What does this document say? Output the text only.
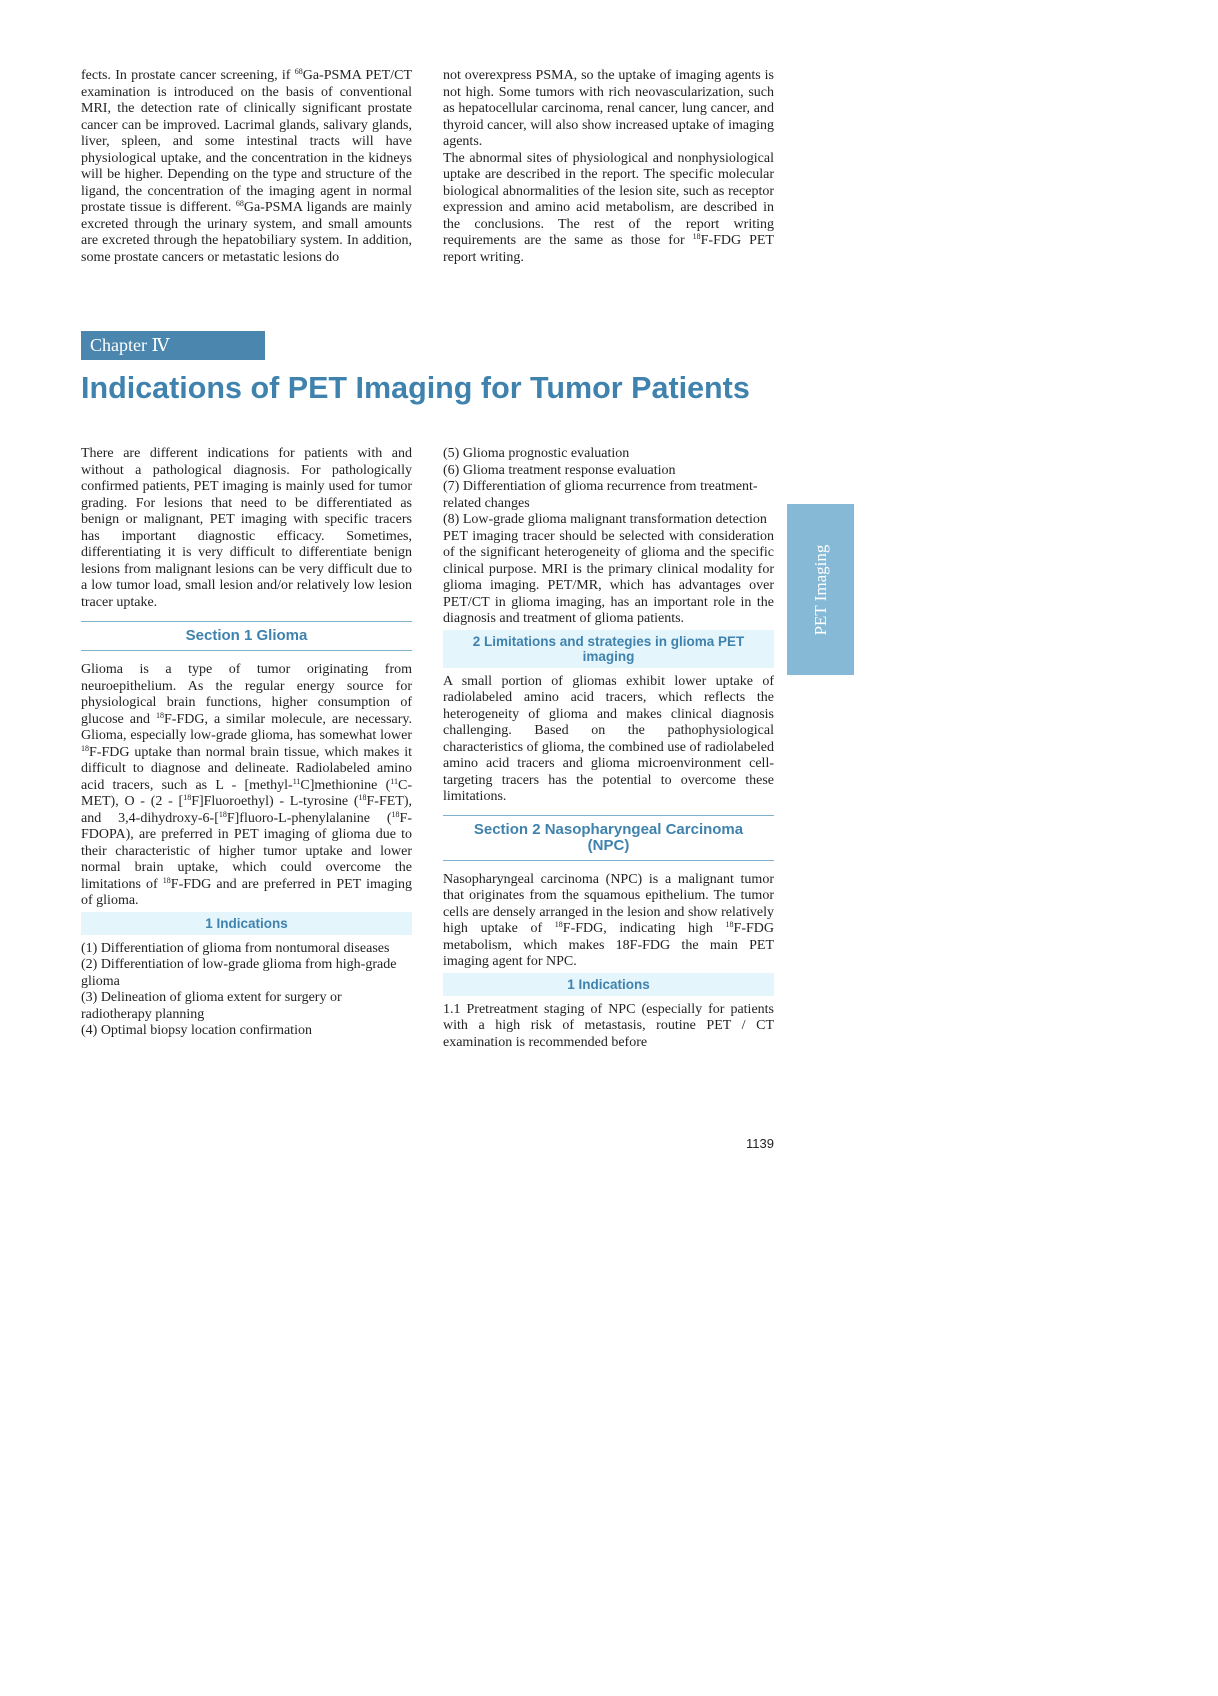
fects. In prostate cancer screening, if $^{68}$Ga-PSMA PET/CT examination is introduced on the basis of conventional MRI, the detection rate of clinically significant prostate cancer can be improved. Lacrimal glands, salivary glands, liver, spleen, and some intestinal tracts will have physiological uptake, and the concentration in the kidneys will be higher. Depending on the type and structure of the ligand, the concentration of the imaging agent in normal prostate tissue is different. $^{68}$Ga-PSMA ligands are mainly excreted through the urinary system, and small amounts are excreted through the hepatobiliary system. In addition, some prostate cancers or metastatic lesions do

not overexpress PSMA, so the uptake of imaging agents is not high. Some tumors with rich neovascularization, such as hepatocellular carcinoma, renal cancer, lung cancer, and thyroid cancer, will also show increased uptake of imaging agents.

The abnormal sites of physiological and nonphysiological uptake are described in the report. The specific molecular biological abnormalities of the lesion site, such as receptor expression and amino acid metabolism, are described in the conclusions. The rest of the report writing requirements are the same as those for $^{18}$F-FDG PET report writing.

Chapter Ⅳ
Indications of PET Imaging for Tumor Patients
PET Imaging

There are different indications for patients with and without a pathological diagnosis. For pathologically confirmed patients, PET imaging is mainly used for tumor grading. For lesions that need to be differentiated as benign or malignant, PET imaging with specific tracers has important diagnostic efficacy. Sometimes, differentiating it is very difficult to differentiate benign lesions from malignant lesions can be very difficult due to a low tumor load, small lesion and/or relatively low lesion tracer uptake.

Section 1 Glioma

Glioma is a type of tumor originating from neuroepithelium. As the regular energy source for physiological brain functions, higher consumption of glucose and $^{18}$F-FDG, a similar molecule, are necessary. Glioma, especially low-grade glioma, has somewhat lower $^{18}$F-FDG uptake than normal brain tissue, which makes it difficult to diagnose and delineate. Radiolabeled amino acid tracers, such as L - [methyl-$^{11}$C]methionine ($^{11}$C-MET), O - (2 - [$^{18}$F]Fluoroethyl) - L-tyrosine ($^{18}$F-FET), and 3,4-dihydroxy-6-[$^{18}$F]fluoro-L-phenylalanine ($^{18}$F-FDOPA), are preferred in PET imaging of glioma due to their characteristic of higher tumor uptake and lower normal brain uptake, which could overcome the limitations of $^{18}$F-FDG and are preferred in PET imaging of glioma.

1 Indications

(1) Differentiation of glioma from nontumoral diseases

(2) Differentiation of low-grade glioma from high-grade glioma

(3) Delineation of glioma extent for surgery or radiotherapy planning

(4) Optimal biopsy location confirmation

(5) Glioma prognostic evaluation

(6) Glioma treatment response evaluation

(7) Differentiation of glioma recurrence from treatment-related changes

(8) Low-grade glioma malignant transformation detection

PET imaging tracer should be selected with consideration of the significant heterogeneity of glioma and the specific clinical purpose. MRI is the primary clinical modality for glioma imaging. PET/MR, which has advantages over PET/CT in glioma imaging, has an important role in the diagnosis and treatment of glioma patients.

2 Limitations and strategies in glioma PET imaging

A small portion of gliomas exhibit lower uptake of radiolabeled amino acid tracers, which reflects the heterogeneity of glioma and makes clinical diagnosis challenging. Based on the pathophysiological characteristics of glioma, the combined use of radiolabeled amino acid tracers and glioma microenvironment cell-targeting tracers has the potential to overcome these limitations.

Section 2 Nasopharyngeal Carcinoma (NPC)

Nasopharyngeal carcinoma (NPC) is a malignant tumor that originates from the squamous epithelium. The tumor cells are densely arranged in the lesion and show relatively high uptake of $^{18}$F-FDG, indicating high $^{18}$F-FDG metabolism, which makes 18F-FDG the main PET imaging agent for NPC.

1 Indications

1.1 Pretreatment staging of NPC (especially for patients with a high risk of metastasis, routine PET / CT examination is recommended before

1139
